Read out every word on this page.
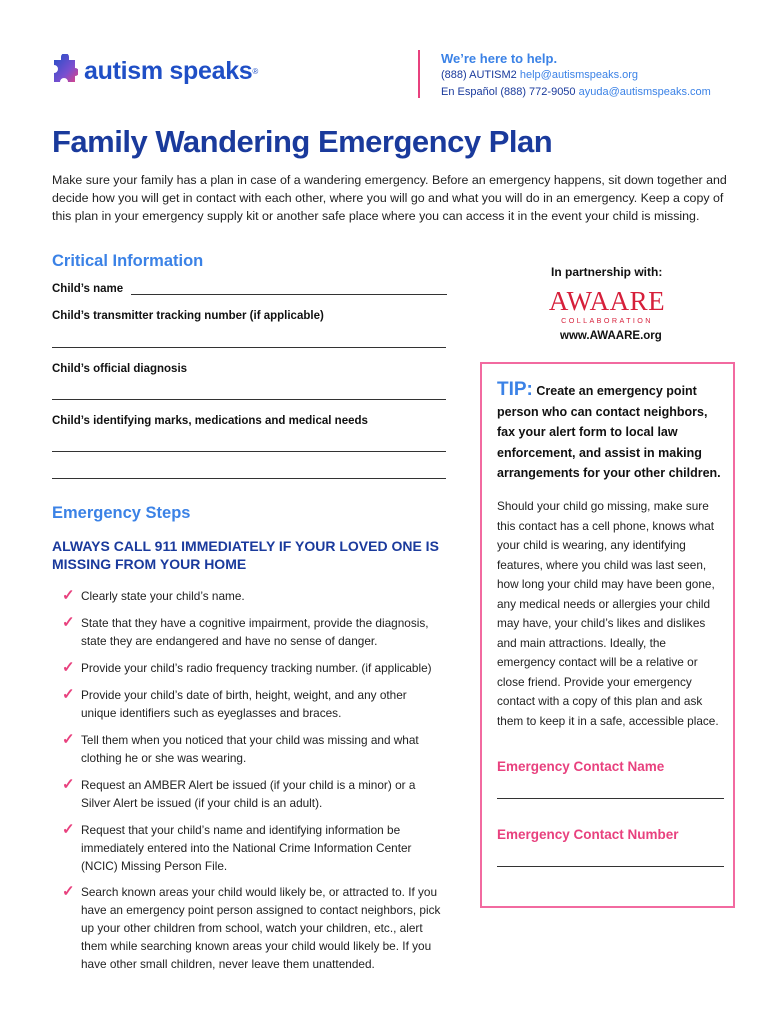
autism speaks ®
We’re here to help.
(888) AUTISM2 help@autismspeaks.org
En Español (888) 772-9050 ayuda@autismspeaks.com
Family Wandering Emergency Plan
Make sure your family has a plan in case of a wandering emergency. Before an emergency happens, sit down together and decide how you will get in contact with each other, where you will go and what you will do in an emergency. Keep a copy of this plan in your emergency supply kit or another safe place where you can access it in the event your child is missing.
Critical Information
Child’s name
Child’s transmitter tracking number (if applicable)
Child’s official diagnosis
Child’s identifying marks, medications and medical needs
Emergency Steps
ALWAYS CALL 911 IMMEDIATELY IF YOUR LOVED ONE IS MISSING FROM YOUR HOME
✓ Clearly state your child’s name.
✓ State that they have a cognitive impairment, provide the diagnosis, state they are endangered and have no sense of danger.
✓ Provide your child’s radio frequency tracking number. (if applicable)
✓ Provide your child’s date of birth, height, weight, and any other unique identifiers such as eyeglasses and braces.
✓ Tell them when you noticed that your child was missing and what clothing he or she was wearing.
✓ Request an AMBER Alert be issued (if your child is a minor) or a Silver Alert be issued (if your child is an adult).
✓ Request that your child’s name and identifying information be immediately entered into the National Crime Information Center (NCIC) Missing Person File.
✓ Search known areas your child would likely be, or attracted to. If you have an emergency point person assigned to contact neighbors, pick up your other children from school, watch your children, etc., alert them while searching known areas your child would likely be. If you have other small children, never leave them unattended.
In partnership with:
AWAARE
COLLABORATION
www.AWAARE.org
TIP: Create an emergency point person who can contact neighbors, fax your alert form to local law enforcement, and assist in making arrangements for your other children.
Should your child go missing, make sure this contact has a cell phone, knows what your child is wearing, any identifying features, where you child was last seen, how long your child may have been gone, any medical needs or allergies your child may have, your child’s likes and dislikes and main attractions. Ideally, the emergency contact will be a relative or close friend. Provide your emergency contact with a copy of this plan and ask them to keep it in a safe, accessible place.
Emergency Contact Name
Emergency Contact Number
